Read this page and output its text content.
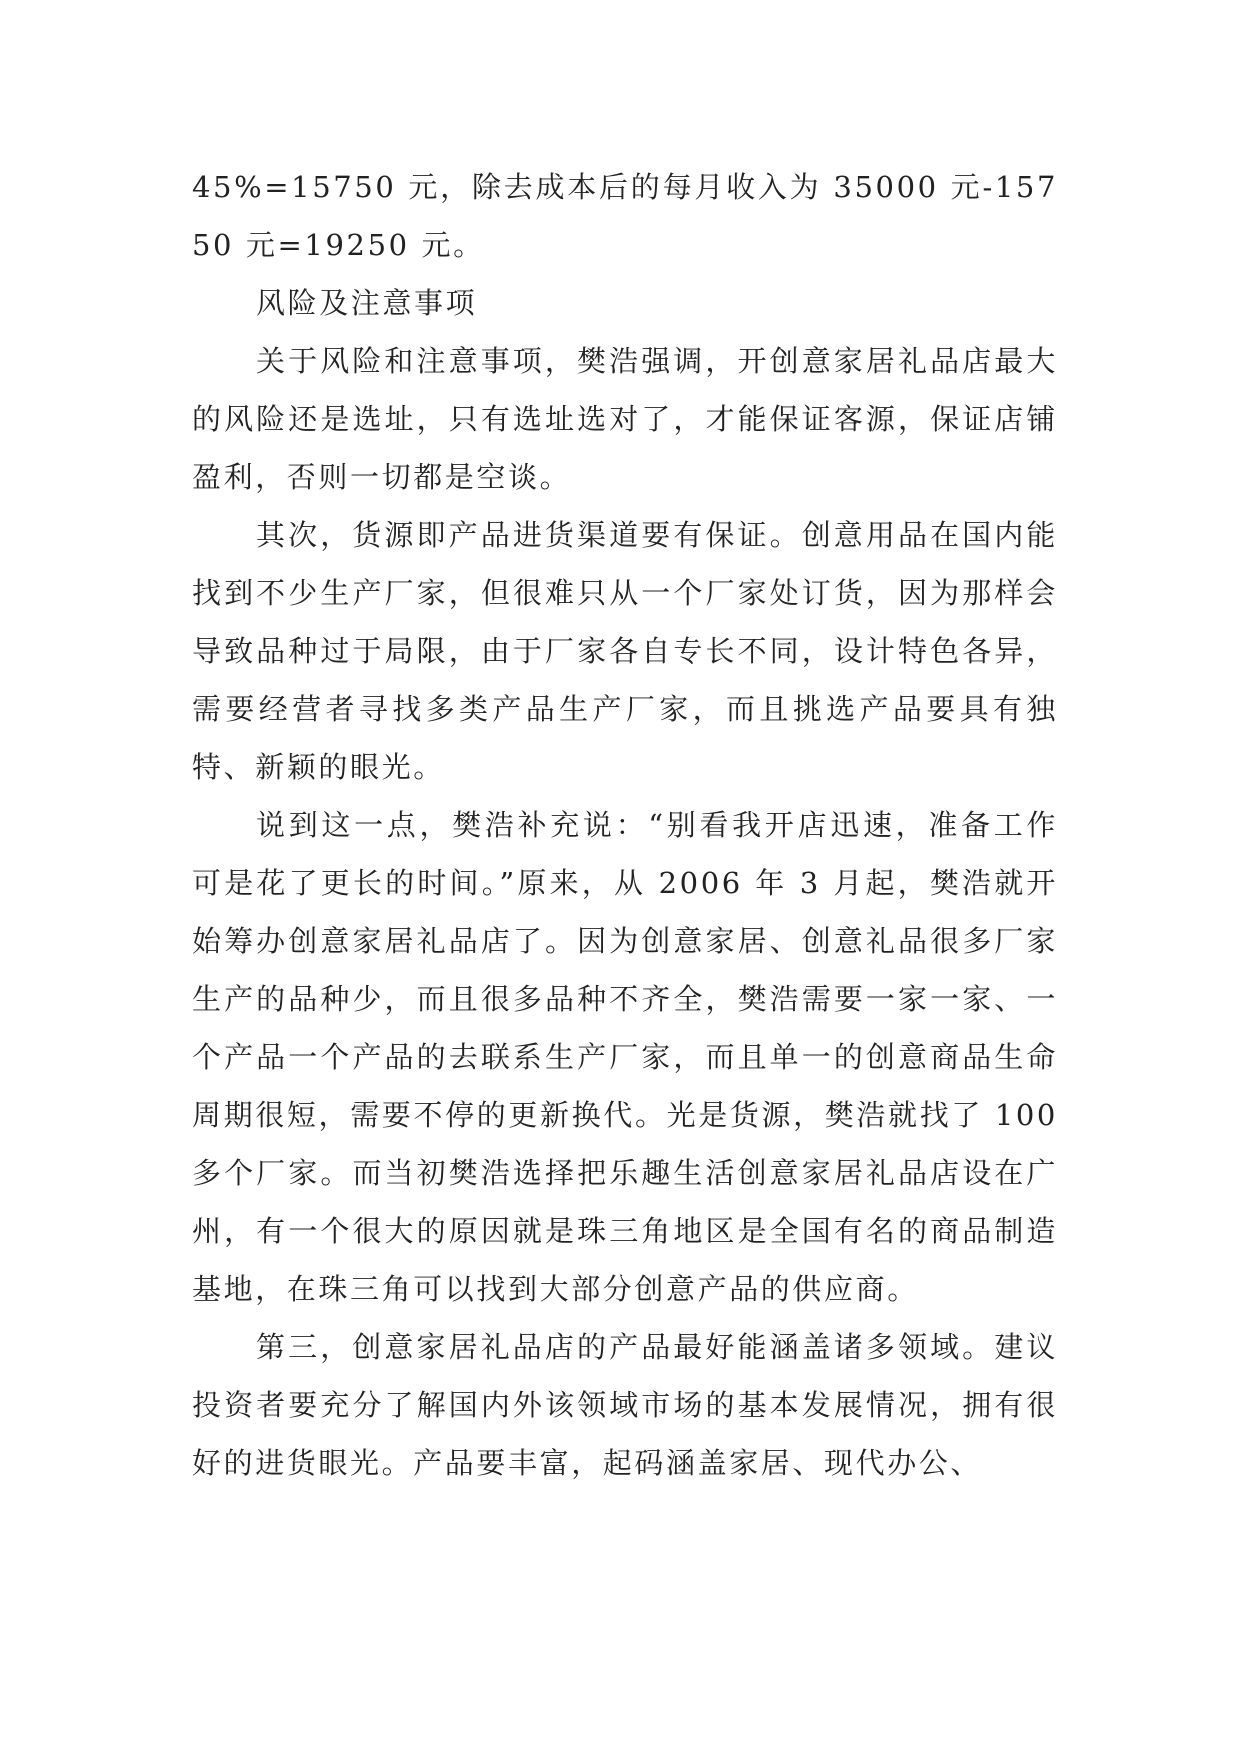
45%=15750 元，除去成本后的每月收入为 35000 元-15750 元=19250 元。

风险及注意事项

关于风险和注意事项，樊浩强调，开创意家居礼品店最大的风险还是选址，只有选址选对了，才能保证客源，保证店铺盈利，否则一切都是空谈。

其次，货源即产品进货渠道要有保证。创意用品在国内能找到不少生产厂家，但很难只从一个厂家处订货，因为那样会导致品种过于局限，由于厂家各自专长不同，设计特色各异，需要经营者寻找多类产品生产厂家，而且挑选产品要具有独特、新颖的眼光。

说到这一点，樊浩补充说：“别看我开店迅速，准备工作可是花了更长的时间。”原来，从 2006 年 3 月起，樊浩就开始筹办创意家居礼品店了。因为创意家居、创意礼品很多厂家生产的品种少，而且很多品种不齐全，樊浩需要一家一家、一个产品一个产品的去联系生产厂家，而且单一的创意商品生命周期很短，需要不停的更新换代。光是货源，樊浩就找了 100 多个厂家。而当初樊浩选择把乐趣生活创意家居礼品店设在广州，有一个很大的原因就是珠三角地区是全国有名的商品制造基地，在珠三角可以找到大部分创意产品的供应商。

第三，创意家居礼品店的产品最好能涵盖诸多领域。建议投资者要充分了解国内外该领域市场的基本发展情况，拥有很好的进货眼光。产品要丰富，起码涵盖家居、现代办公、
